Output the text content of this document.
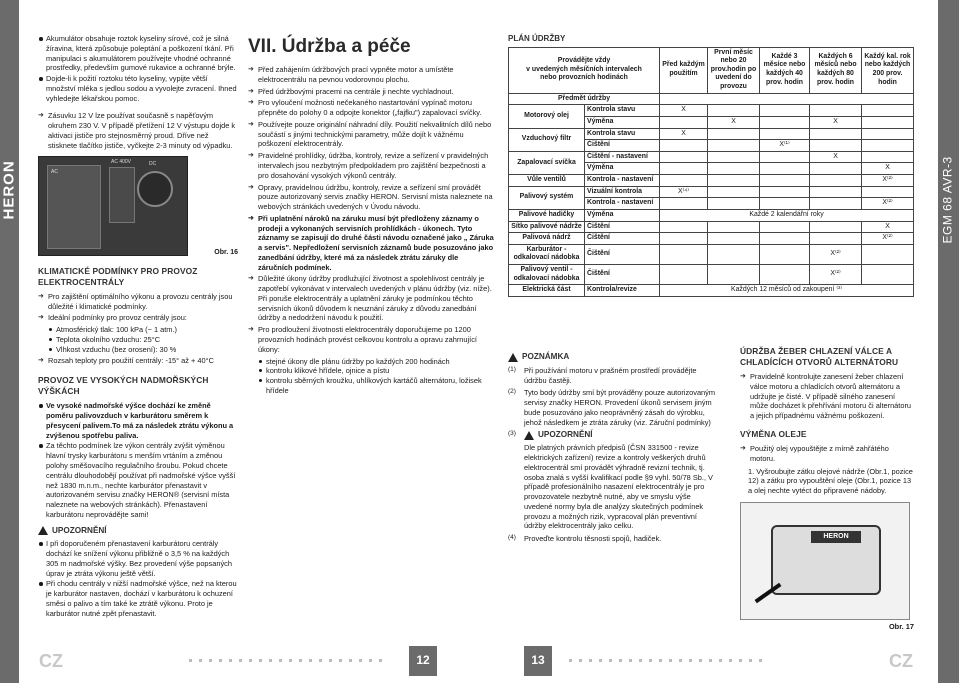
HERON	EGM 68 AVR-3
Akumulátor obsahuje roztok kyseliny sírové, což je silná žíravina, která způsobuje poleptání a poškození tkání. Při manipulaci s akumulátorem používejte vhodné ochranné prostředky, především gumové rukavice a ochranné brýle.
Dojde-li k požití roztoku této kyseliny, vypijte větší množství mléka s jedlou sodou a vyvolejte zvracení. Ihned vyhledejte lékařskou pomoc.
➜ Zásuvku 12 V lze používat současně s napěťovým okruhem 230 V. V případě přetížení 12 V výstupu dojde k aktivaci jističe pro stejnosměrný proud. Dříve než stisknete tlačítko jističe, vyčkejte 2-3 minuty od výpadku.
AC
AC 400V	DC
Obr. 16
KLIMATICKÉ PODMÍNKY PRO PROVOZ ELEKTROCENTRÁLY
➜ Pro zajištění optimálního výkonu a provozu centrály jsou důležité i klimatické podmínky.
➜ Ideální podmínky pro provoz centrály jsou:
Atmosférický tlak: 100 kPa (~ 1 atm.)
Teplota okolního vzduchu: 25°C
Vlhkost vzduchu (bez orosení): 30 %
➜ Rozsah teploty pro použití centrály: -15° až + 40°C
PROVOZ VE VYSOKÝCH NADMOŘSKÝCH VÝŠKÁCH
Ve vysoké nadmořské výšce dochází ke změně poměru palivovzduch v karburátoru směrem k přesycení palivem.To má za následek ztrátu výkonu a zvýšenou spotřebu paliva.
Za těchto podmínek lze výkon centrály zvýšit výměnou hlavní trysky karburátoru s menším vrtáním a změnou polohy směšovacího regulačního šroubu. Pokud chcete centrálu dlouhodobějí používat při nadmořské výšce vyšší než 1830 m.n.m., nechte karburátor přenastavit v autorizovaném servisu značky HERON® (servisní místa naleznete na webových stránkách). Přenastavení karburátoru neprovádějte sami!
UPOZORNĚNÍ
I při doporučeném přenastavení karburátoru centrály dochází ke snížení výkonu přibližně o 3,5 % na každých 305 m nadmořské výšky. Bez provedení výše popsaných úprav je ztráta výkonu ještě větší.
Při chodu centrály v nižší nadmořské výšce, než na kterou je karburátor nastaven, dochází v karburátoru k ochuzení směsi o palivo a tím také ke ztrátě výkonu. Proto je karburátor nutné zpět přenastavit.
VII. Údržba a péče
➜ Před zahájením údržbových prací vypněte motor a umístěte elektrocentrálu na pevnou vodorovnou plochu.
➜ Před údržbovými pracemi na centrále ji nechte vychladnout.
➜ Pro vyloučení možnosti nečekaného nastartování vypínač motoru přepněte do polohy 0 a odpojte konektor („fajfku") zapalovací svíčky.
➜ Používejte pouze originální náhradní díly. Použití nekvalitních dílů nebo součástí s jinými technickými parametry, může dojít k vážnému poškození elektrocentrály.
➜ Pravidelné prohlídky, údržba, kontroly, revize a seřízení v pravidelných intervalech jsou nezbytným předpokladem pro zajištění bezpečnosti a pro dosahování vysokých výkonů centrály.
➜ Opravy, pravidelnou údržbu, kontroly, revize a seřízení smí provádět pouze autorizovaný servis značky HERON. Servisní místa naleznete na webových stránkách uvedených v Úvodu návodu.
➜ Při uplatnění nároků na záruku musí být předloženy záznamy o prodeji a vykonaných servisních prohlídkách - úkonech. Tyto záznamy se zapisují do druhé části návodu označené jako „ Záruka a servis". Nepředložení servisních záznamů bude posuzováno jako zanedbání údržby, které má za následek ztrátu záruky dle záručních podmínek.
➜ Důležité úkony údržby prodlužující životnost a spolehlivost centrály je zapotřebí vykonávat v intervalech uvedených v plánu údržby (viz. níže). Při poruše elektrocentrály a uplatnění záruky je podmínkou těchto servisních úkonů důvodem k neuznání záruky z důvodu zanedbání údržby a nedodržení návodu k použití.
➜ Pro prodloužení životnosti elektrocentrály doporučujeme po 1200 provozních hodinách provést celkovou kontrolu a opravu zahrnující úkony:
stejné úkony dle plánu údržby po každých 200 hodinách
kontrolu klikové hřídele, ojnice a pístu
kontrolu sběrných kroužku, uhlíkových kartáčů alternátoru, ložisek hřídele
PLÁN ÚDRŽBY
Provádějte vždy
v uvedených měsíčních intervalech
nebo provozních hodinách		Před každým použitím	První měsíc nebo 20 prov.hodin po uvedení do provozu	Každé 3 měsíce nebo každých 40 prov. hodin	Každých 6 měsíců nebo každých 80 prov. hodin	Každý kal. rok nebo každých 200 prov. hodin
Předmět údržby						
Motorový olej	Kontrola stavu	X				
	Výměna		X		X	
Vzduchový filtr	Kontrola stavu	X				
	Čištění			X⁽¹⁾		
Zapalovací svíčka	Čištění - nastavení				X	
	Výměna					X
Vůle ventilů	Kontrola - nastavení					X⁽²⁾
Palivový systém	Vizuální kontrola	X⁽⁴⁾				
	Kontrola - nastavení					X⁽²⁾
Palivové hadičky	Výměna	Každé 2 kalendářní roky				
Sítko palivové nádrže	Čištění					X
Palivová nádrž	Čištění					X⁽²⁾
Karburátor - odkalovací nádobka	Čištění				X⁽²⁾	
Palivový ventil - odkalovací nádobka	Čištění				X⁽²⁾	
Elektrická část	Kontrola/revize	Každých 12 měsíců od zakoupení ⁽³⁾				
POZNÁMKA
(1)	Při používání motoru v prašném prostředí provádějte údržbu častěji.
(2)	Tyto body údržby smí být prováděny pouze autorizovaným servisy značky HERON. Provedení úkonů servisem jiným bude posuzováno jako neoprávněný zásah do výrobku, jehož následkem je ztráta záruky (viz. Záruční podmínky)
(3)	UPOZORNĚNÍ
Dle platných právních předpisů (ČSN 331500 - revize elektrických zařízení) revize a kontroly veškerých druhů elektrocentrál smí provádět výhradně revizní technik, tj. osoba znalá s vyšší kvalifikací podle §9 vyhl. 50/78 Sb., V případě profesionálního nasazení elektrocentrály je pro provozovatele nezbytně nutné, aby ve smyslu výše uvedené normy byla dle analýzy skutečných podmínek provozu a možných rizik, vypracoval plán preventivní údržby elektrocentrály jako celku.
(4)	Proveďte kontrolu těsnosti spojů, hadiček.
ÚDRŽBA ŽEBER CHLAZENÍ VÁLCE A CHLADÍCÍCH OTVORŮ ALTERNÁTORU
➜ Pravidelně kontrolujte zanesení žeber chlazení válce motoru a chladících otvorů alternátoru a udržujte je čisté. V případě silného zanesení může docházet k přehřívání motoru či alternátoru a jejich případnému vážnému poškození.
VÝMĚNA OLEJE
➜ Použitý olej vypouštějte z mírně zahřátého motoru.
1. Vyšroubujte zátku olejové nádrže (Obr.1, pozice 12) a zátku pro vypouštění oleje (Obr.1, pozice 13 a olej nechte vytéct do připravené nádoby.
HERON
Obr. 17
CZ	12	13	CZ
